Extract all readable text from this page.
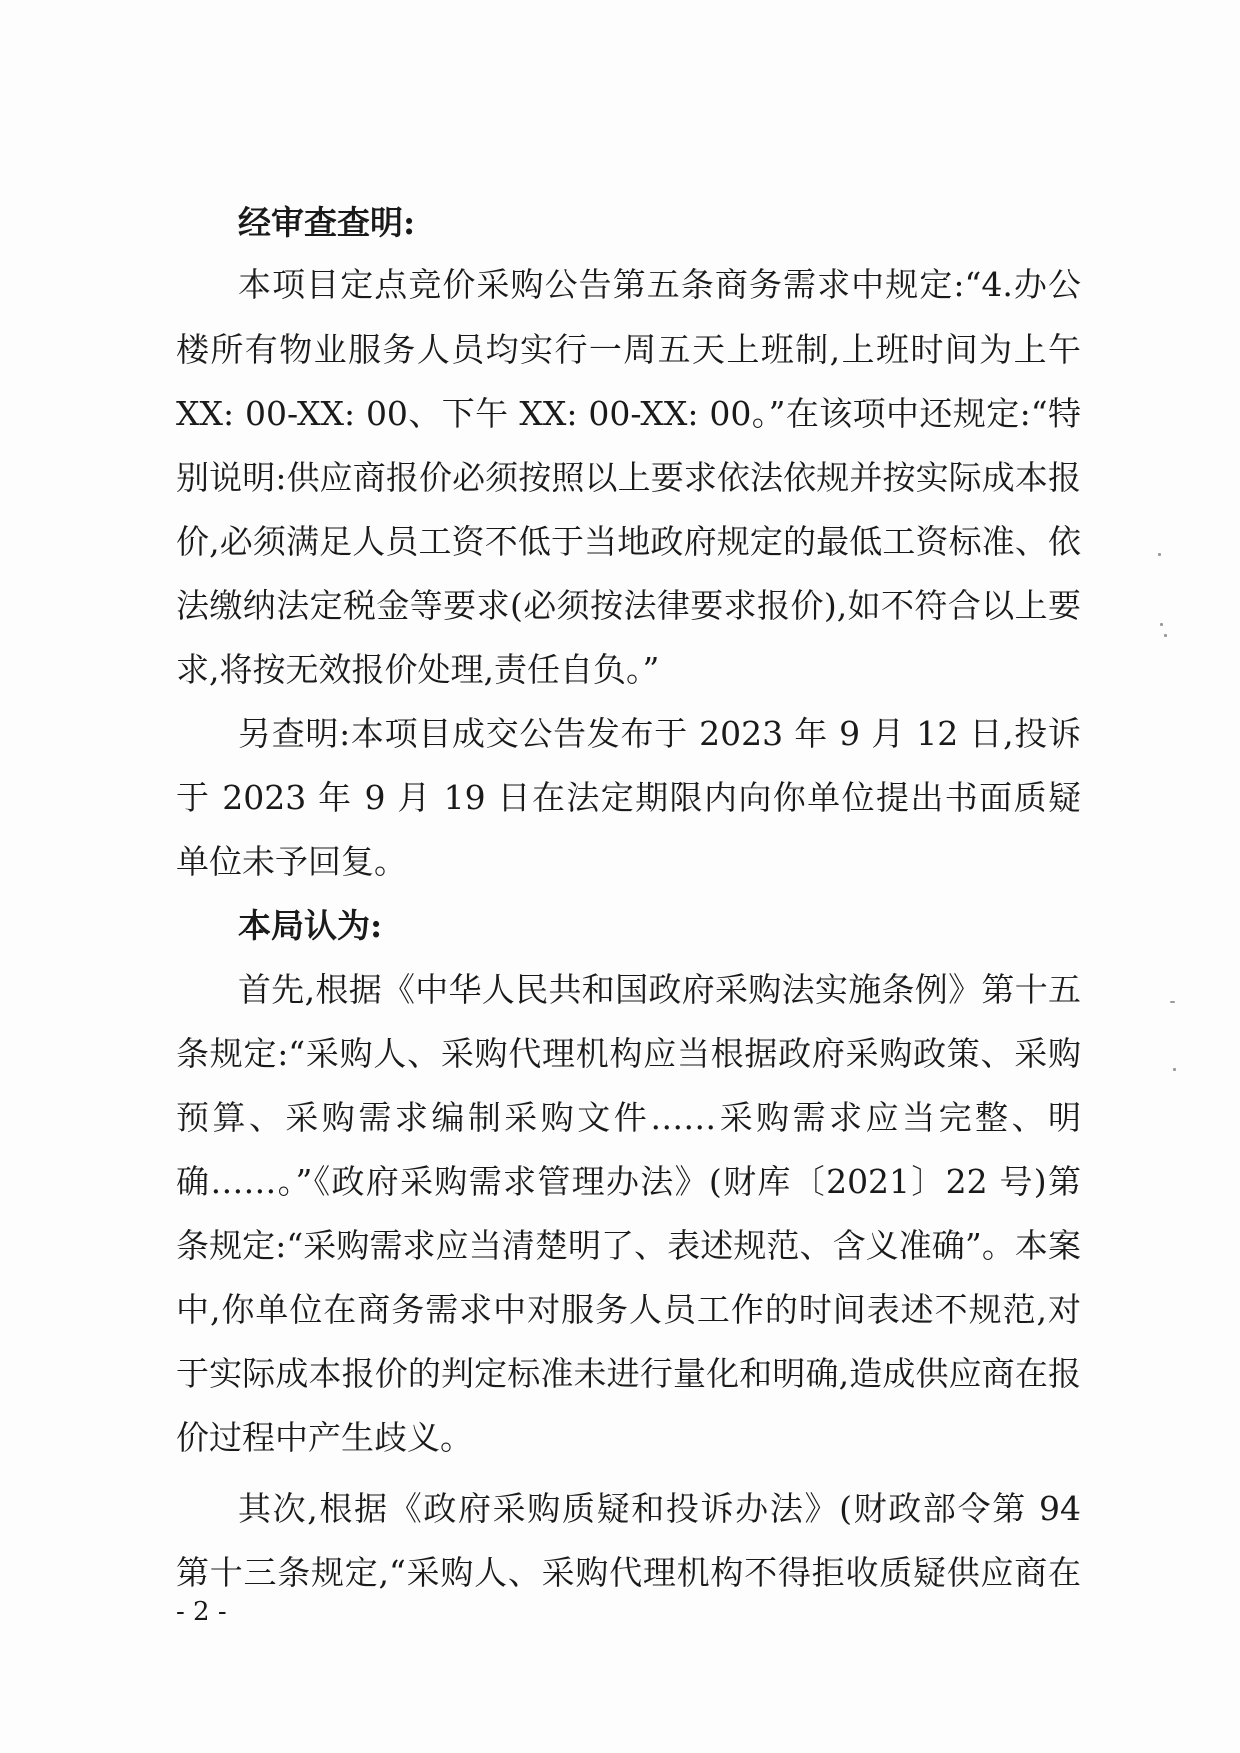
经审查查明:
本项目定点竞价采购公告第五条商务需求中规定:“4.办公
楼所有物业服务人员均实行一周五天上班制,上班时间为上午
XX: 00-XX: 00、下午 XX: 00-XX: 00。”在该项中还规定:“特
别说明:供应商报价必须按照以上要求依法依规并按实际成本报
价,必须满足人员工资不低于当地政府规定的最低工资标准、依
法缴纳法定税金等要求(必须按法律要求报价),如不符合以上要
求,将按无效报价处理,责任自负。”
另查明:本项目成交公告发布于 2023 年 9 月 12 日,投诉
于 2023 年 9 月 19 日在法定期限内向你单位提出书面质疑
单位未予回复。
本局认为:
首先,根据《中华人民共和国政府采购法实施条例》第十五
条规定:“采购人、采购代理机构应当根据政府采购政策、采购
预算、采购需求编制采购文件……采购需求应当完整、明
确……。”《政府采购需求管理办法》(财库〔2021〕22 号)第
条规定:“采购需求应当清楚明了、表述规范、含义准确”。本案
中,你单位在商务需求中对服务人员工作的时间表述不规范,对
于实际成本报价的判定标准未进行量化和明确,造成供应商在报
价过程中产生歧义。
其次,根据《政府采购质疑和投诉办法》(财政部令第 94
第十三条规定,“采购人、采购代理机构不得拒收质疑供应商在
- 2 -
